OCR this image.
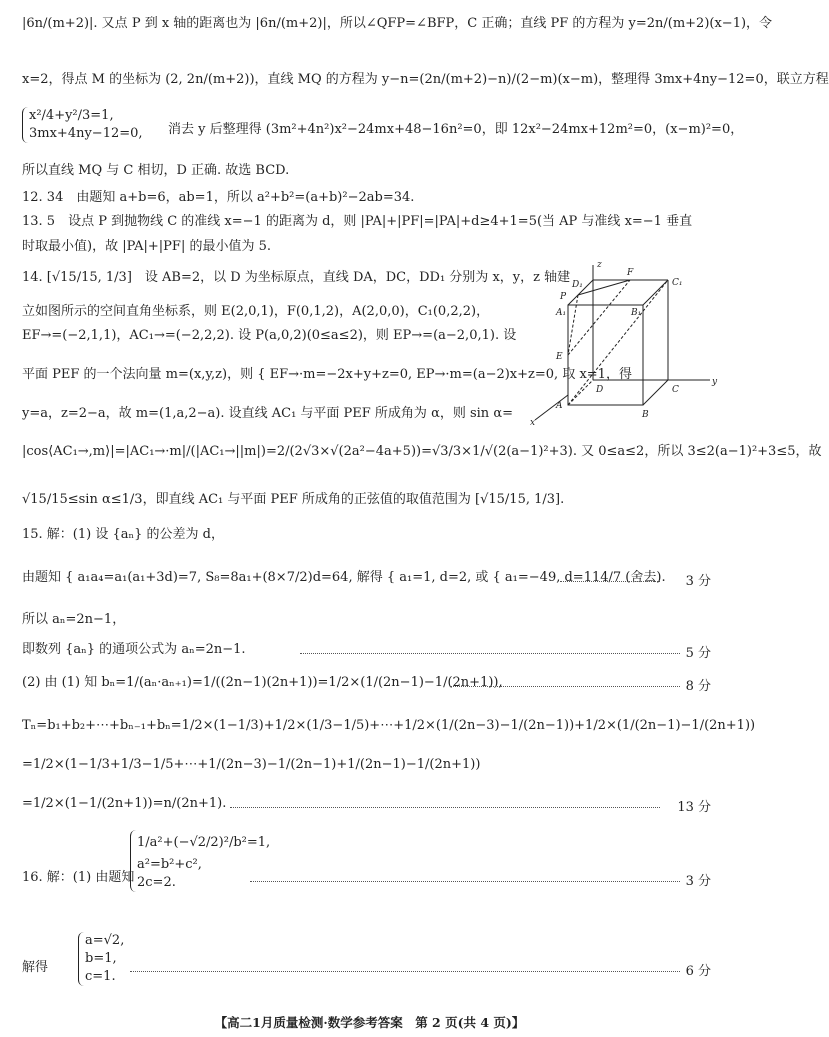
|6n/(m+2)|. 又点 P 到 x 轴的距离也为 |6n/(m+2)|，所以∠QFP=∠BFP，C 正确；直线 PF 的方程为 y=2n/(m+2)(x−1)，令
x=2，得点 M 的坐标为 (2, 2n/(m+2))，直线 MQ 的方程为 y−n=(2n/(m+2)−n)/(2−m)(x−m)，整理得 3mx+4ny−12=0，联立方程
x²/4+y²/3=1,
3mx+4ny−12=0, 消去 y 后整理得 (3m²+4n²)x²−24mx+48−16n²=0，即 12x²−24mx+12m²=0，(x−m)²=0，
所以直线 MQ 与 C 相切，D 正确. 故选 BCD.
12. 34　由题知 a+b=6，ab=1，所以 a²+b²=(a+b)²−2ab=34.
13. 5　设点 P 到抛物线 C 的准线 x=−1 的距离为 d，则 |PA|+|PF|=|PA|+d≥4+1=5(当 AP 与准线 x=−1 垂直
时取最小值)，故 |PA|+|PF| 的最小值为 5.
14. [√15/15, 1/3]　设 AB=2，以 D 为坐标原点，直线 DA，DC，DD₁ 分别为 x，y，z 轴建
立如图所示的空间直角坐标系，则 E(2,0,1)，F(0,1,2)，A(2,0,0)，C₁(0,2,2)，
EF→=(−2,1,1)，AC₁→=(−2,2,2). 设 P(a,0,2)(0≤a≤2)，则 EP→=(a−2,0,1). 设
平面 PEF 的一个法向量 m=(x,y,z)，则 { EF→·m=−2x+y+z=0, EP→·m=(a−2)x+z=0, 取 x=1，得
y=a，z=2−a，故 m=(1,a,2−a). 设直线 AC₁ 与平面 PEF 所成角为 α，则 sin α=
|cos⟨AC₁→,m⟩|=|AC₁→·m|/(|AC₁→||m|)=2/(2√3×√(2a²−4a+5))=√3/3×1/√(2(a−1)²+3). 又 0≤a≤2，所以 3≤2(a−1)²+3≤5，故
√15/15≤sin α≤1/3，即直线 AC₁ 与平面 PEF 所成角的正弦值的取值范围为 [√15/15, 1/3].
z
y
x
D₁
F
C₁
P
A₁	B₁
E
A
D	C
B
15. 解：(1) 设 {aₙ} 的公差为 d，
由题知 { a₁a₄=a₁(a₁+3d)=7, S₈=8a₁+(8×7/2)d=64, 解得 { a₁=1, d=2, 或 { a₁=−49, d=114/7 (舍去).	3 分
所以 aₙ=2n−1，
即数列 {aₙ} 的通项公式为 aₙ=2n−1.	5 分
(2) 由 (1) 知 bₙ=1/(aₙ·aₙ₊₁)=1/((2n−1)(2n+1))=1/2×(1/(2n−1)−1/(2n+1)),	8 分
Tₙ=b₁+b₂+⋯+bₙ₋₁+bₙ=1/2×(1−1/3)+1/2×(1/3−1/5)+⋯+1/2×(1/(2n−3)−1/(2n−1))+1/2×(1/(2n−1)−1/(2n+1))
=1/2×(1−1/3+1/3−1/5+⋯+1/(2n−3)−1/(2n−1)+1/(2n−1)−1/(2n+1))
=1/2×(1−1/(2n+1))=n/(2n+1).	13 分
16. 解：(1) 由题知
1/a²+(−√2/2)²/b²=1,
a²=b²+c²,
2c=2.	3 分
解得
a=√2,
b=1,
c=1.	6 分
【高二1月质量检测·数学参考答案　第 2 页(共 4 页)】
